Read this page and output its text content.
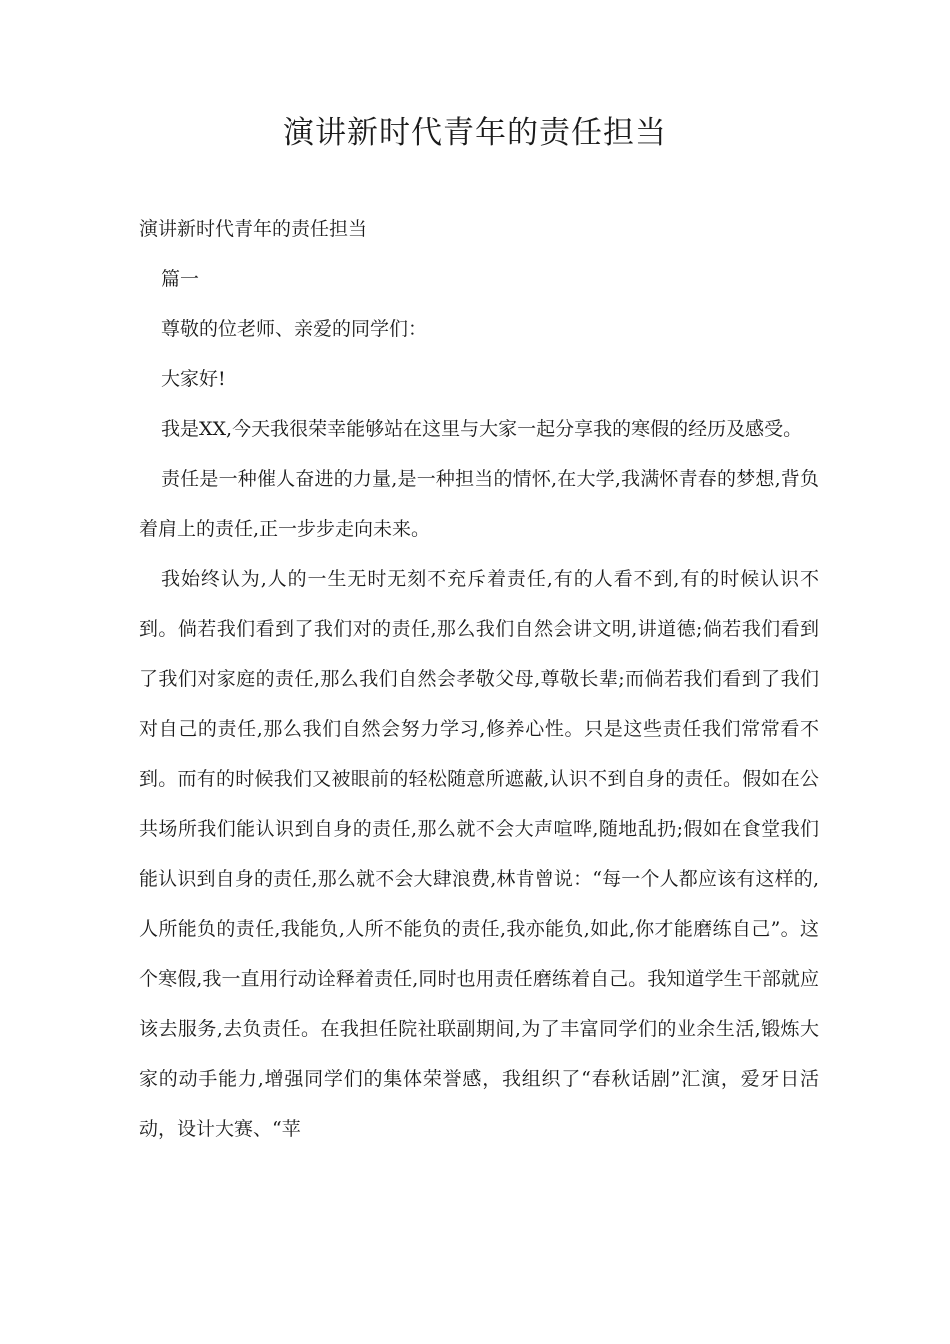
演讲新时代青年的责任担当

演讲新时代青年的责任担当

篇一

尊敬的位老师、亲爱的同学们：

大家好!

我是XX,今天我很荣幸能够站在这里与大家一起分享我的寒假的经历及感受。

责任是一种催人奋进的力量,是一种担当的情怀,在大学,我满怀青春的梦想,背负着肩上的责任,正一步步走向未来。

我始终认为,人的一生无时无刻不充斥着责任,有的人看不到,有的时候认识不到。倘若我们看到了我们对的责任,那么我们自然会讲文明,讲道德;倘若我们看到了我们对家庭的责任,那么我们自然会孝敬父母,尊敬长辈;而倘若我们看到了我们对自己的责任,那么我们自然会努力学习,修养心性。只是这些责任我们常常看不到。而有的时候我们又被眼前的轻松随意所遮蔽,认识不到自身的责任。假如在公共场所我们能认识到自身的责任,那么就不会大声喧哗,随地乱扔;假如在食堂我们能认识到自身的责任,那么就不会大肆浪费,林肯曾说：“每一个人都应该有这样的,人所能负的责任,我能负,人所不能负的责任,我亦能负,如此,你才能磨练自己”。这个寒假,我一直用行动诠释着责任,同时也用责任磨练着自己。我知道学生干部就应该去服务,去负责任。在我担任院社联副期间,为了丰富同学们的业余生活,锻炼大家的动手能力,增强同学们的集体荣誉感，我组织了“春秋话剧”汇演，爱牙日活动，设计大赛、“苹
